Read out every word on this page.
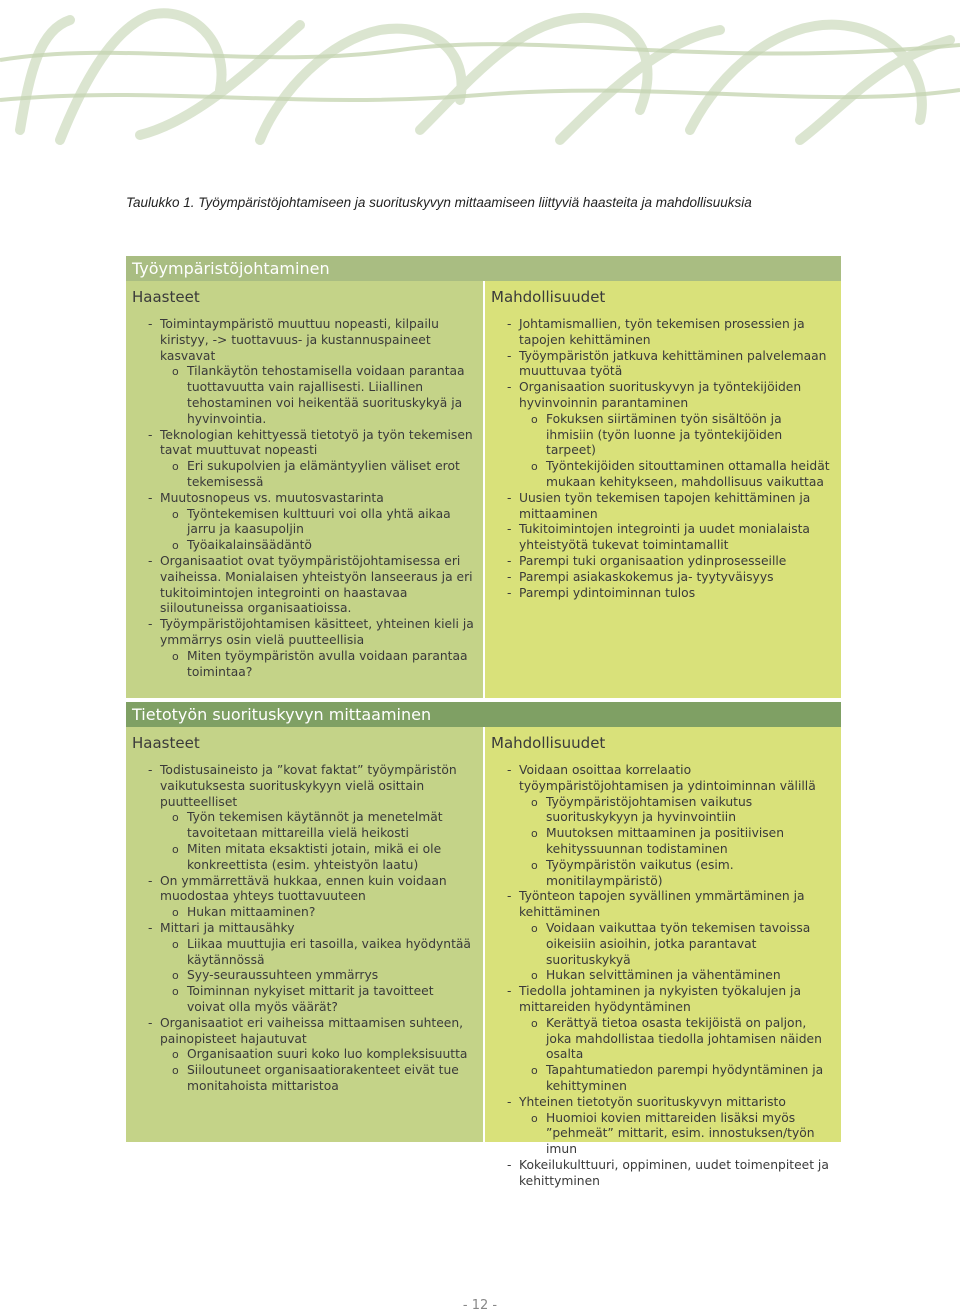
Taulukko 1. Työympäristöjohtamiseen ja suorituskyvyn mittaamiseen liittyviä haasteita ja mahdollisuuksia
Työympäristöjohtaminen
Haasteet
- Toimintaympäristö muuttuu nopeasti, kilpailu kiristyy, -> tuottavuus- ja kustannuspaineet kasvavat
o Tilankäytön tehostamisella voidaan parantaa tuottavuutta vain rajallisesti. Liiallinen tehostaminen voi heikentää suorituskykyä ja hyvinvointia.
- Teknologian kehittyessä tietotyö ja työn tekemisen tavat muuttuvat nopeasti
o Eri sukupolvien ja elämäntyylien väliset erot tekemisessä
- Muutosnopeus vs. muutosvastarinta
o Työntekemisen kulttuuri voi olla yhtä aikaa jarru ja kaasupoljin
o Työaikalainsäädäntö
- Organisaatiot ovat työympäristöjohtamisessa eri vaiheissa. Monialaisen yhteistyön lanseeraus ja eri tukitoimintojen integrointi on haastavaa siiloutuneissa organisaatioissa.
- Työympäristöjohtamisen käsitteet, yhteinen kieli ja ymmärrys osin vielä puutteellisia
o Miten työympäristön avulla voidaan parantaa toimintaa?
Mahdollisuudet
- Johtamismallien, työn tekemisen prosessien ja tapojen kehittäminen
- Työympäristön jatkuva kehittäminen palvelemaan muuttuvaa työtä
- Organisaation suorituskyvyn ja työntekijöiden hyvinvoinnin parantaminen
o Fokuksen siirtäminen työn sisältöön ja ihmisiin (työn luonne ja työntekijöiden tarpeet)
o Työntekijöiden sitouttaminen ottamalla heidät mukaan kehitykseen, mahdollisuus vaikuttaa
- Uusien työn tekemisen tapojen kehittäminen ja mittaaminen
- Tukitoimintojen integrointi ja uudet monialaista yhteistyötä tukevat toimintamallit
- Parempi tuki organisaation ydinprosesseille
- Parempi asiakaskokemus ja- tyytyväisyys
- Parempi ydintoiminnan tulos
Tietotyön suorituskyvyn mittaaminen
Haasteet
- Todistusaineisto ja ”kovat faktat” työympäristön vaikutuksesta suorituskykyyn vielä osittain puutteelliset
o Työn tekemisen käytännöt ja menetelmät tavoitetaan mittareilla vielä heikosti
o Miten mitata eksaktisti jotain, mikä ei ole konkreettista (esim. yhteistyön laatu)
- On ymmärrettävä hukkaa, ennen kuin voidaan muodostaa yhteys tuottavuuteen
o Hukan mittaaminen?
- Mittari ja mittausähky
o Liikaa muuttujia eri tasoilla, vaikea hyödyntää käytännössä
o Syy-seuraussuhteen ymmärrys
o Toiminnan nykyiset mittarit ja tavoitteet voivat olla myös väärät?
- Organisaatiot eri vaiheissa mittaamisen suhteen, painopisteet hajautuvat
o Organisaation suuri koko luo kompleksisuutta
o Siiloutuneet organisaatiorakenteet eivät tue monitahoista mittaristoa
Mahdollisuudet
- Voidaan osoittaa korrelaatio työympäristöjohtamisen ja ydintoiminnan välillä
o Työympäristöjohtamisen vaikutus suorituskykyyn ja hyvinvointiin
o Muutoksen mittaaminen ja positiivisen kehityssuunnan todistaminen
o Työympäristön vaikutus (esim. monitilaympäristö)
- Työnteon tapojen syvällinen ymmärtäminen ja kehittäminen
o Voidaan vaikuttaa työn tekemisen tavoissa oikeisiin asioihin, jotka parantavat suorituskykyä
o Hukan selvittäminen ja vähentäminen
- Tiedolla johtaminen ja nykyisten työkalujen ja mittareiden hyödyntäminen
o Kerättyä tietoa osasta tekijöistä on paljon, joka mahdollistaa tiedolla johtamisen näiden osalta
o Tapahtumatiedon parempi hyödyntäminen ja kehittyminen
- Yhteinen tietotyön suorituskyvyn mittaristo
o Huomioi kovien mittareiden lisäksi myös ”pehmeät” mittarit, esim. innostuksen/työn imun
- Kokeilukulttuuri, oppiminen, uudet toimenpiteet ja kehittyminen
- 12 -
